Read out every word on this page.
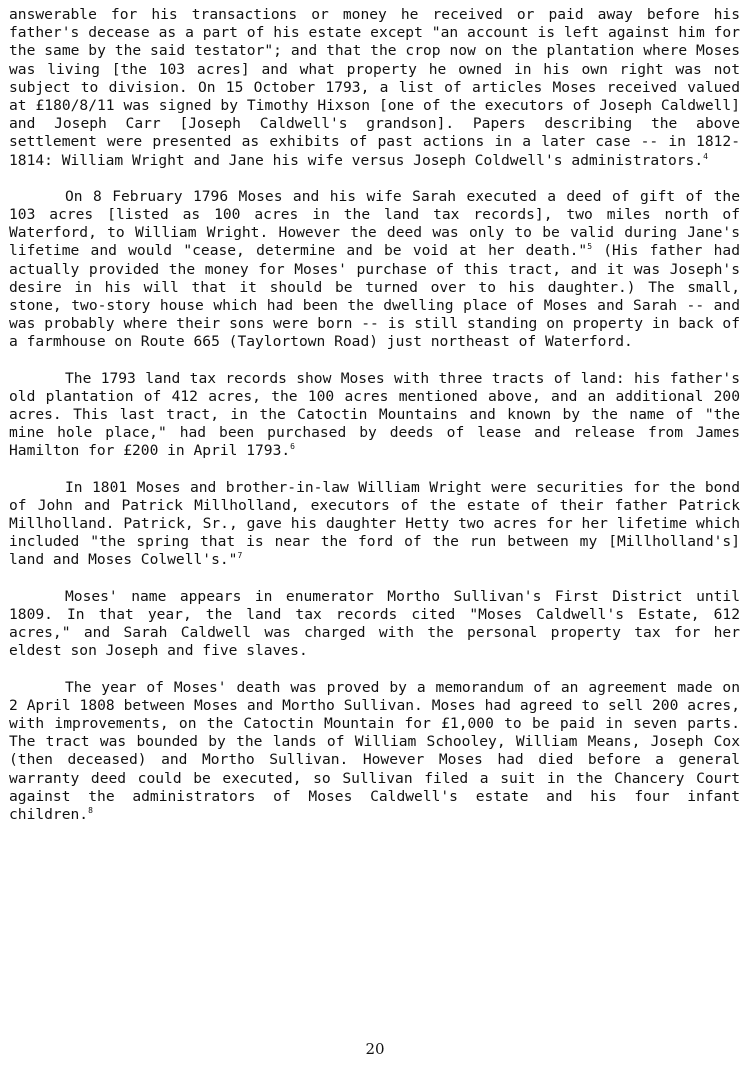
answerable for his transactions or money he received or paid away before his father's decease as a part of his estate except "an account is left against him for the same by the said testator"; and that the crop now on the plantation where Moses was living [the 103 acres] and what property he owned in his own right was not subject to division. On 15 October 1793, a list of articles Moses received valued at £180/8/11 was signed by Timothy Hixson [one of the executors of Joseph Caldwell] and Joseph Carr [Joseph Caldwell's grandson]. Papers describing the above settlement were presented as exhibits of past actions in a later case -- in 1812-1814: William Wright and Jane his wife versus Joseph Coldwell's administrators.$^4$

On 8 February 1796 Moses and his wife Sarah executed a deed of gift of the 103 acres [listed as 100 acres in the land tax records], two miles north of Waterford, to William Wright. However the deed was only to be valid during Jane's lifetime and would "cease, determine and be void at her death."$^5$ (His father had actually provided the money for Moses' purchase of this tract, and it was Joseph's desire in his will that it should be turned over to his daughter.) The small, stone, two-story house which had been the dwelling place of Moses and Sarah -- and was probably where their sons were born -- is still standing on property in back of a farmhouse on Route 665 (Taylortown Road) just northeast of Waterford.

The 1793 land tax records show Moses with three tracts of land: his father's old plantation of 412 acres, the 100 acres mentioned above, and an additional 200 acres. This last tract, in the Catoctin Mountains and known by the name of "the mine hole place," had been purchased by deeds of lease and release from James Hamilton for £200 in April 1793.$^6$

In 1801 Moses and brother-in-law William Wright were securities for the bond of John and Patrick Millholland, executors of the estate of their father Patrick Millholland. Patrick, Sr., gave his daughter Hetty two acres for her lifetime which included "the spring that is near the ford of the run between my [Millholland's] land and Moses Colwell's."$^7$

Moses' name appears in enumerator Mortho Sullivan's First District until 1809. In that year, the land tax records cited "Moses Caldwell's Estate, 612 acres," and Sarah Caldwell was charged with the personal property tax for her eldest son Joseph and five slaves.

The year of Moses' death was proved by a memorandum of an agreement made on 2 April 1808 between Moses and Mortho Sullivan. Moses had agreed to sell 200 acres, with improvements, on the Catoctin Mountain for £1,000 to be paid in seven parts. The tract was bounded by the lands of William Schooley, William Means, Joseph Cox (then deceased) and Mortho Sullivan. However Moses had died before a general warranty deed could be executed, so Sullivan filed a suit in the Chancery Court against the administrators of Moses Caldwell's estate and his four infant children.$^8$

20
